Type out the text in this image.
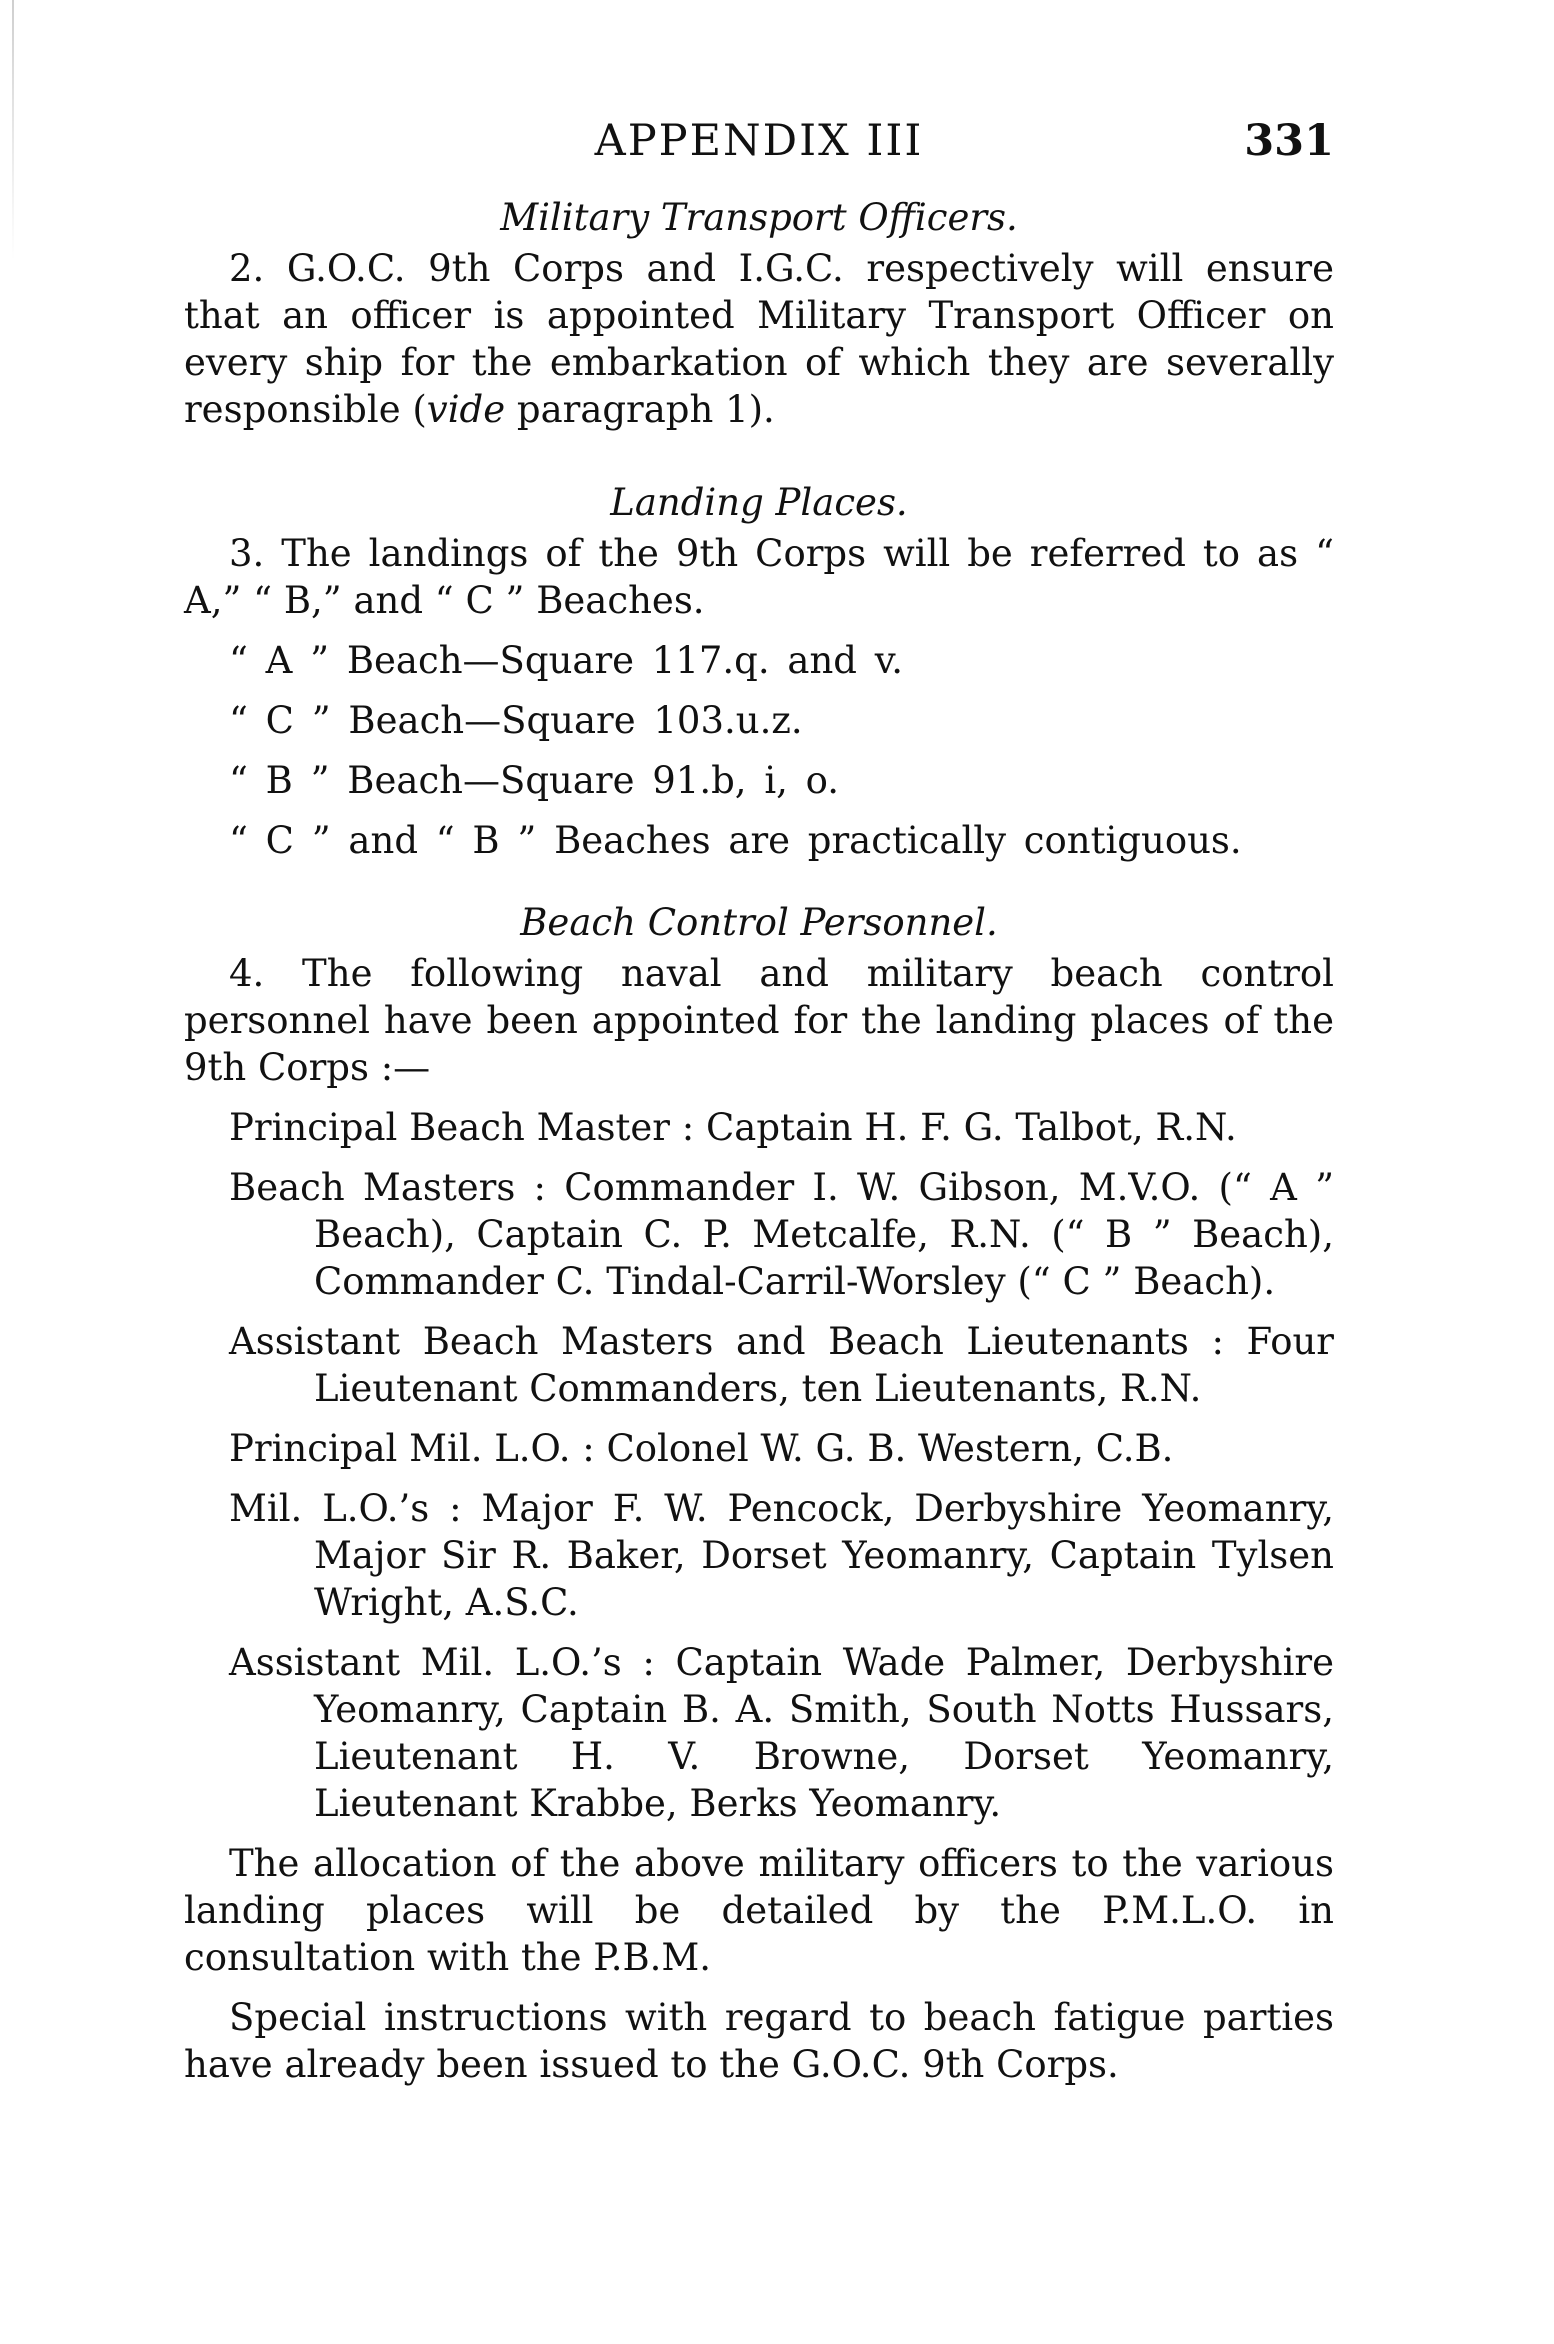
APPENDIX III	331

Military Transport Officers.

2. G.O.C. 9th Corps and I.G.C. respectively will ensure that an officer is appointed Military Transport Officer on every ship for the embarkation of which they are severally responsible (vide paragraph 1).

Landing Places.

3. The landings of the 9th Corps will be referred to as “ A,” “ B,” and “ C ” Beaches.

“ A ” Beach—Square 117.q. and v.
“ C ” Beach—Square 103.u.z.
“ B ” Beach—Square 91.b, i, o.
“ C ” and “ B ” Beaches are practically contiguous.

Beach Control Personnel.

4. The following naval and military beach control personnel have been appointed for the landing places of the 9th Corps :—

Principal Beach Master : Captain H. F. G. Talbot, R.N.
Beach Masters : Commander I. W. Gibson, M.V.O. (“ A ” Beach), Captain C. P. Metcalfe, R.N. (“ B ” Beach), Commander C. Tindal-Carril-Worsley (“ C ” Beach).
Assistant Beach Masters and Beach Lieutenants : Four Lieutenant Commanders, ten Lieutenants, R.N.
Principal Mil. L.O. : Colonel W. G. B. Western, C.B.
Mil. L.O.’s : Major F. W. Pencock, Derbyshire Yeomanry, Major Sir R. Baker, Dorset Yeomanry, Captain Tylsen Wright, A.S.C.
Assistant Mil. L.O.’s : Captain Wade Palmer, Derbyshire Yeomanry, Captain B. A. Smith, South Notts Hussars, Lieutenant H. V. Browne, Dorset Yeomanry, Lieutenant Krabbe, Berks Yeomanry.

The allocation of the above military officers to the various landing places will be detailed by the P.M.L.O. in consultation with the P.B.M.

Special instructions with regard to beach fatigue parties have already been issued to the G.O.C. 9th Corps.
